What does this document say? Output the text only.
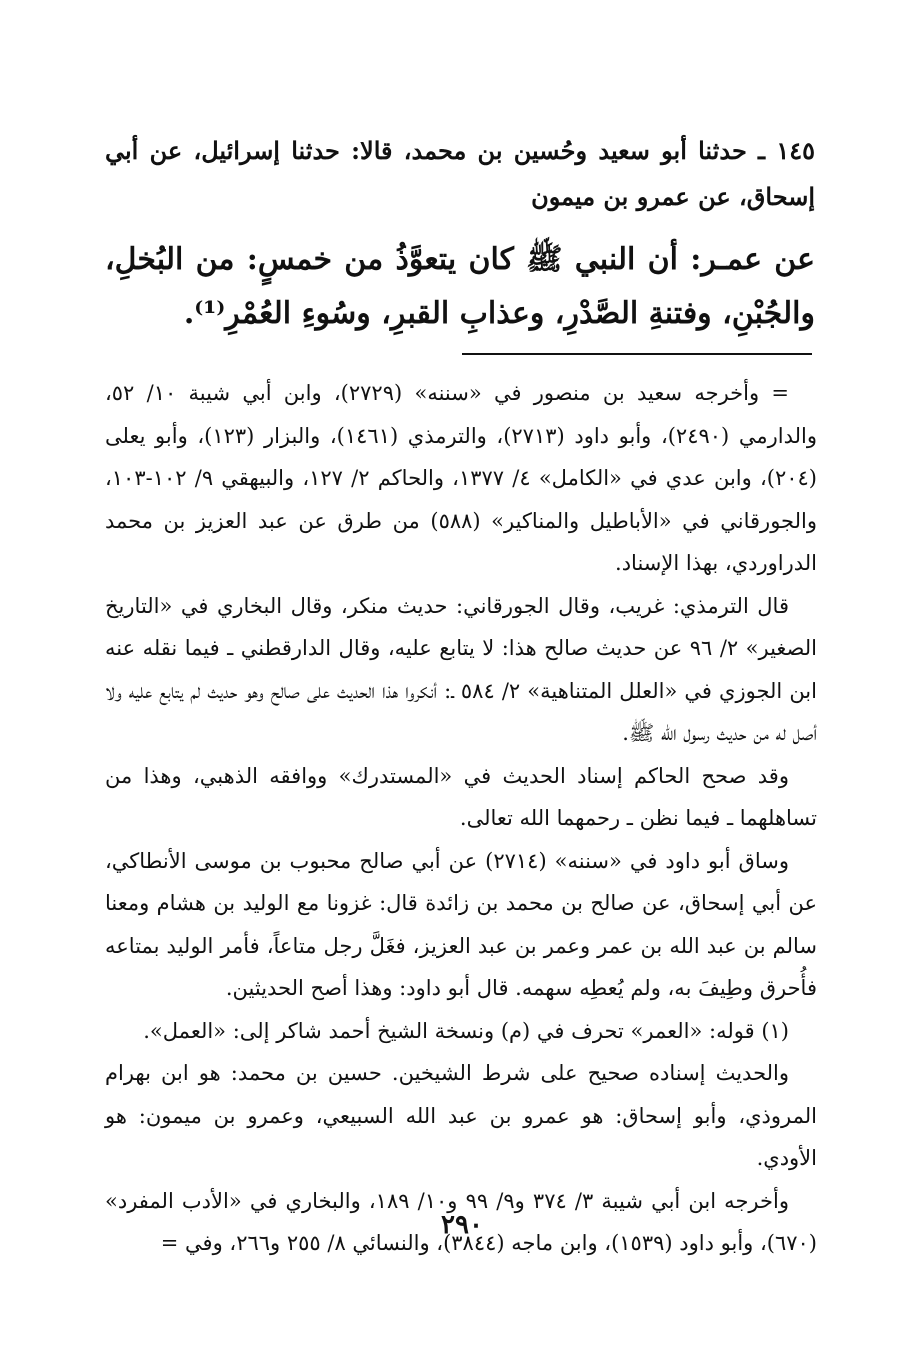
١٤٥ ـ حدثنا أبو سعيد وحُسين بن محمد، قالا: حدثنا إسرائيل، عن أبي إسحاق، عن عمرو بن ميمون
عن عمـر: أن النبي ﷺ كان يتعوَّذُ من خمسٍ: من البُخلِ، والجُبْنِ، وفتنةِ الصَّدْرِ، وعذابِ القبرِ، وسُوءِ العُمْرِ⁽¹⁾.

= وأخرجه سعيد بن منصور في «سننه» (٢٧٢٩)، وابن أبي شيبة ١٠/ ٥٢، والدارمي (٢٤٩٠)، وأبو داود (٢٧١٣)، والترمذي (١٤٦١)، والبزار (١٢٣)، وأبو يعلى (٢٠٤)، وابن عدي في «الكامل» ٤/ ١٣٧٧، والحاكم ٢/ ١٢٧، والبيهقي ٩/ ١٠٢-١٠٣، والجورقاني في «الأباطيل والمناكير» (٥٨٨) من طرق عن عبد العزيز بن محمد الدراوردي، بهذا الإسناد.

قال الترمذي: غريب، وقال الجورقاني: حديث منكر، وقال البخاري في «التاريخ الصغير» ٢/ ٩٦ عن حديث صالح هذا: لا يتابع عليه، وقال الدارقطني ـ فيما نقله عنه ابن الجوزي في «العلل المتناهية» ٢/ ٥٨٤ ـ: أنكروا هذا الحديث على صالح وهو حديث لم يتابع عليه ولا أصل له من حديث رسول الله ﷺ.

وقد صحح الحاكم إسناد الحديث في «المستدرك» ووافقه الذهبي، وهذا من تساهلهما ـ فيما نظن ـ رحمهما الله تعالى.

وساق أبو داود في «سننه» (٢٧١٤) عن أبي صالح محبوب بن موسى الأنطاكي، عن أبي إسحاق، عن صالح بن محمد بن زائدة قال: غزونا مع الوليد بن هشام ومعنا سالم بن عبد الله بن عمر وعمر بن عبد العزيز، فغَلَّ رجل متاعاً، فأمر الوليد بمتاعه فأُحرق وطِيفَ به، ولم يُعطِه سهمه. قال أبو داود: وهذا أصح الحديثين.

(١) قوله: «العمر» تحرف في (م) ونسخة الشيخ أحمد شاكر إلى: «العمل».

والحديث إسناده صحيح على شرط الشيخين. حسين بن محمد: هو ابن بهرام المروذي، وأبو إسحاق: هو عمرو بن عبد الله السبيعي، وعمرو بن ميمون: هو الأودي.

وأخرجه ابن أبي شيبة ٣/ ٣٧٤ و٩/ ٩٩ و١٠/ ١٨٩، والبخاري في «الأدب المفرد» (٦٧٠)، وأبو داود (١٥٣٩)، وابن ماجه (٣٨٤٤)، والنسائي ٨/ ٢٥٥ و٢٦٦، وفي =

٢٩٠
